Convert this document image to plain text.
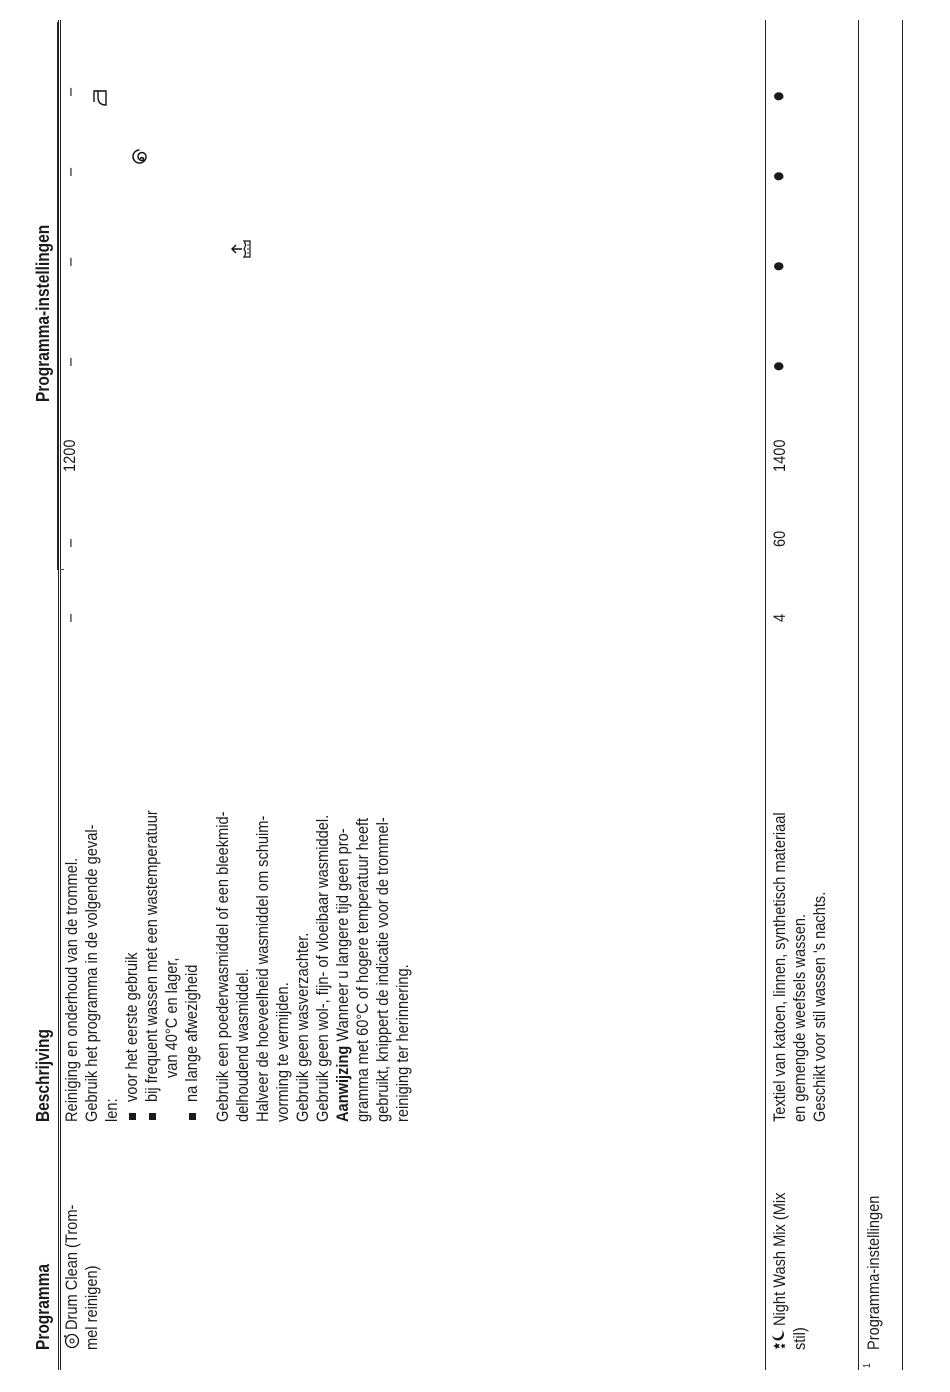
Programma
Beschrijving
Programma-instellingen
Drum Clean (Trom- mel reinigen)
Reiniging en onderhoud van de trommel. Gebruik het programma in de volgende geval- len:
voor het eerste gebruik bij frequent wassen met een wastemperatuur van 40°C en lager, na lange afwezigheid Gebruik een poederwasmiddel of een bleekmid- delhoudend wasmiddel. Halveer de hoeveelheid wasmiddel om schuim- vorming te vermijden. Gebruik geen wasverzachter. Gebruik geen wol-, fijn- of vloeibaar wasmiddel. Aanwijzing Wanneer u langere tijd geen pro- gramma met 60°C of hogere temperatuur heeft gebruikt, knippert de indicatie voor de trommel- reiniging ter herinnering.
–
–
1200
–
–
–
–
Night Wash Mix (Mix
stil)
Textiel van katoen, linnen, synthetisch materiaal en gemengde weefsels wassen. Geschikt voor stil wassen 's nachts.
4
60
1400
●
●
●
●
1
Programma-instellingen
